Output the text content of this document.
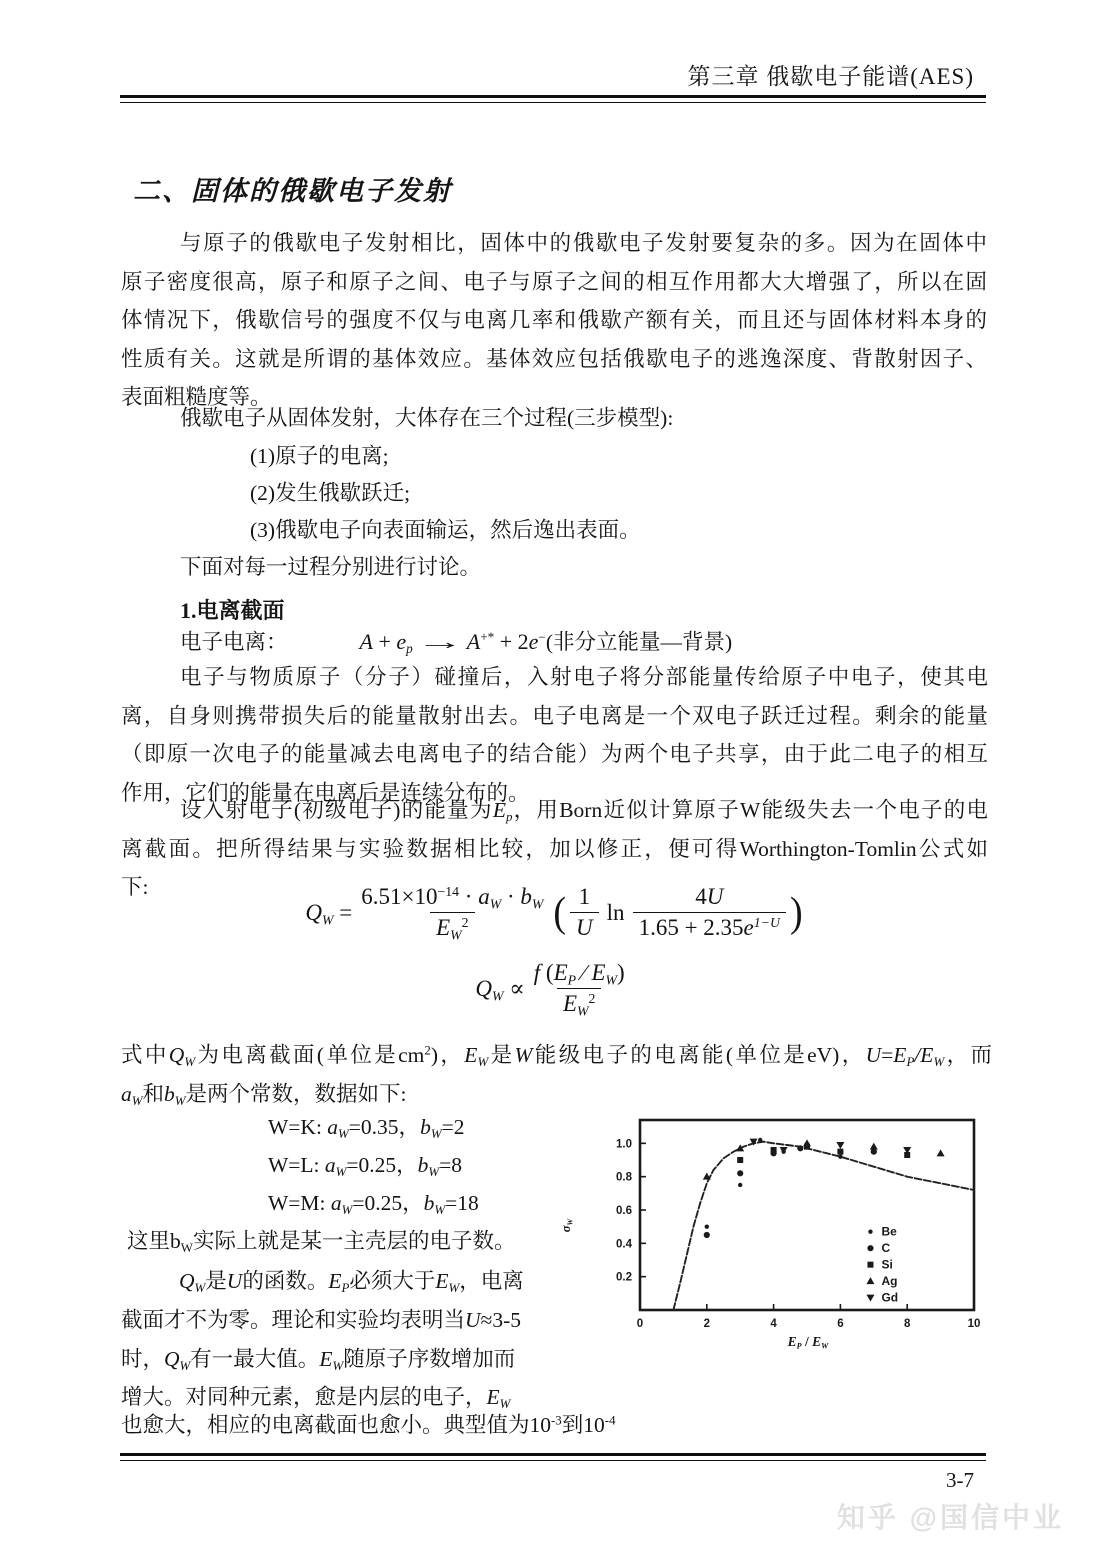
第三章 俄歇电子能谱(AES)
二、固体的俄歇电子发射
与原子的俄歇电子发射相比，固体中的俄歇电子发射要复杂的多。因为在固体中
原子密度很高，原子和原子之间、电子与原子之间的相互作用都大大增强了，所以在固
体情况下，俄歇信号的强度不仅与电离几率和俄歇产额有关，而且还与固体材料本身的
性质有关。这就是所谓的基体效应。基体效应包括俄歇电子的逃逸深度、背散射因子、
表面粗糙度等。
俄歇电子从固体发射，大体存在三个过程(三步模型):
(1)原子的电离;
(2)发生俄歇跃迁;
(3)俄歇电子向表面输运，然后逸出表面。
下面对每一过程分别进行讨论。
1.电离截面
电子电离：	$A + e_p \to A^{+*} + 2e^-$ (非分立能量—背景)
电子与物质原子（分子）碰撞后，入射电子将分部能量传给原子中电子，使其电
离，自身则携带损失后的能量散射出去。电子电离是一个双电子跃迁过程。剩余的能量
（即原一次电子的能量减去电离电子的结合能）为两个电子共享，由于此二电子的相互
作用，它们的能量在电离后是连续分布的。
设入射电子(初级电子)的能量为$E_p$，用Born近似计算原子W能级失去一个电子的电
离截面。把所得结果与实验数据相比较，加以修正，便可得Worthington-Tomlin公式如
下:
$Q_W = \frac{6.51\times 10^{-14} \cdot a_W \cdot b_W}{E_W^2}$ ( $\frac{1}{U}$ $\ln \frac{4U}{1.65 + 2.35e^{1-U}}$ )
$Q_W \propto \frac{f (E_P ∕ E_W)}{E_W^2}$
式中$Q_W$为电离截面(单位是$cm^2$)，$E_W$是W能级电子的电离能(单位是eV)，$U=E_P/E_W$，而
$a_W$和$b_W$是两个常数，数据如下:
W=K: $a_W=0.35$，$b_W=2$
W=L: $a_W=0.25$，$b_W=8$
W=M: $a_W=0.25$，$b_W=18$
这里$b_W$实际上就是某一主壳层的电子数。
$Q_W$是U的函数。$E_P$必须大于$E_W$，电离
截面才不为零。理论和实验均表明当U≈3-5
时，$Q_W$有一最大值。$E_W$随原子序数增加而
增大。对同种元素，愈是内层的电子，$E_W$
也愈大，相应的电离截面也愈小。典型值为$10^{-3}$到$10^{-4}$
$\sigma_W$
0	2	4	6	8	10
0.2
0.4
0.6
0.8
1.0
Be
C
Si
Ag
Gd
$E_P / E_W$
3-7
知乎 @国信中业
